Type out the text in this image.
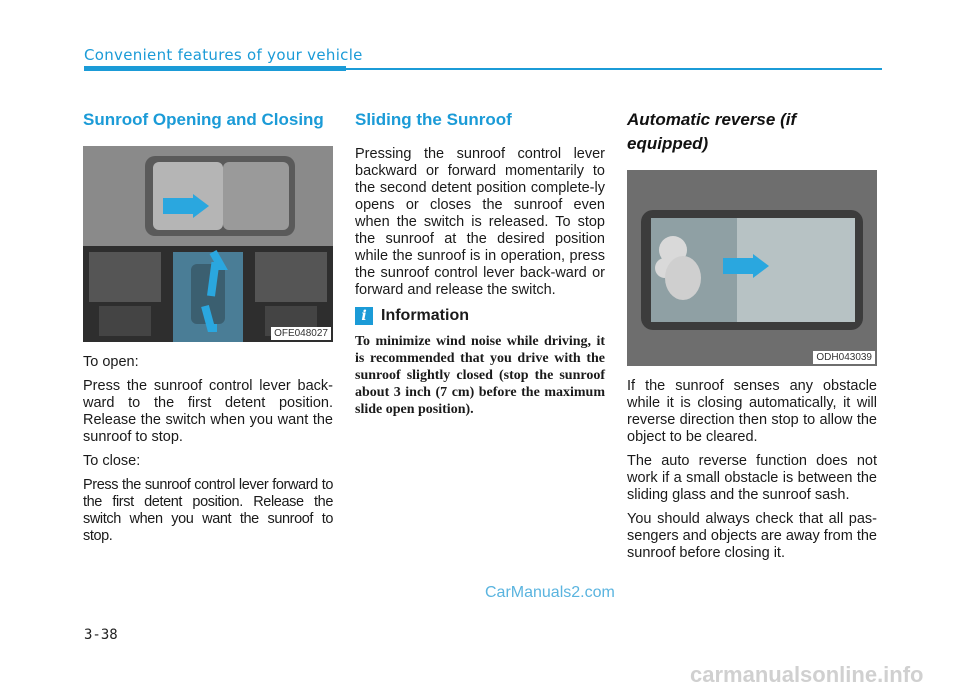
Convenient features of your vehicle
Sunroof Opening and Closing
OFE048027

To open:

Press the sunroof control lever back-ward to the first detent position. Release the switch when you want the sunroof to stop.

To close:

Press the sunroof control lever forward to the first detent position. Release the switch when you want the sunroof to stop.

Sliding the Sunroof

Pressing the sunroof control lever backward or forward momentarily to the second detent position complete-ly opens or closes the sunroof even when the switch is released. To stop the sunroof at the desired position while the sunroof is in operation, press the sunroof control lever back-ward or forward and release the switch.

i Information
To minimize wind noise while driving, it is recommended that you drive with the sunroof slightly closed (stop the sunroof about 3 inch (7 cm) before the maximum slide open position).
Automatic reverse (if equipped)
ODH043039

If the sunroof senses any obstacle while it is closing automatically, it will reverse direction then stop to allow the object to be cleared.

The auto reverse function does not work if a small obstacle is between the sliding glass and the sunroof sash.

You should always check that all pas-sengers and objects are away from the sunroof before closing it.

CarManuals2.com
3-38
carmanualsonline.info
